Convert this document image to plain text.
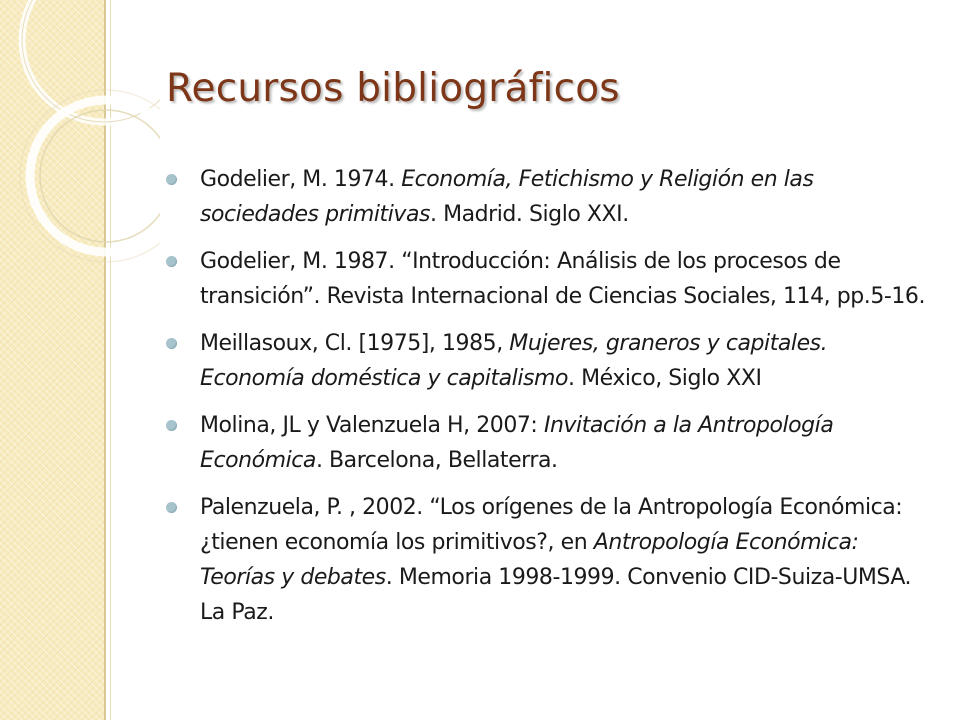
Recursos bibliográficos
Godelier, M. 1974. Economía, Fetichismo y Religión en las sociedades primitivas. Madrid. Siglo XXI.
Godelier, M. 1987. “Introducción: Análisis de los procesos de transición”. Revista Internacional de Ciencias Sociales, 114, pp.5-16.
Meillasoux, Cl. [1975], 1985, Mujeres, graneros y capitales. Economía doméstica y capitalismo. México, Siglo XXI
Molina, JL y Valenzuela H, 2007: Invitación a la Antropología Económica. Barcelona, Bellaterra.
Palenzuela, P. , 2002. “Los orígenes de la Antropología Económica: ¿tienen economía los primitivos?, en Antropología Económica: Teorías y debates. Memoria 1998-1999. Convenio CID-Suiza-UMSA. La Paz.
